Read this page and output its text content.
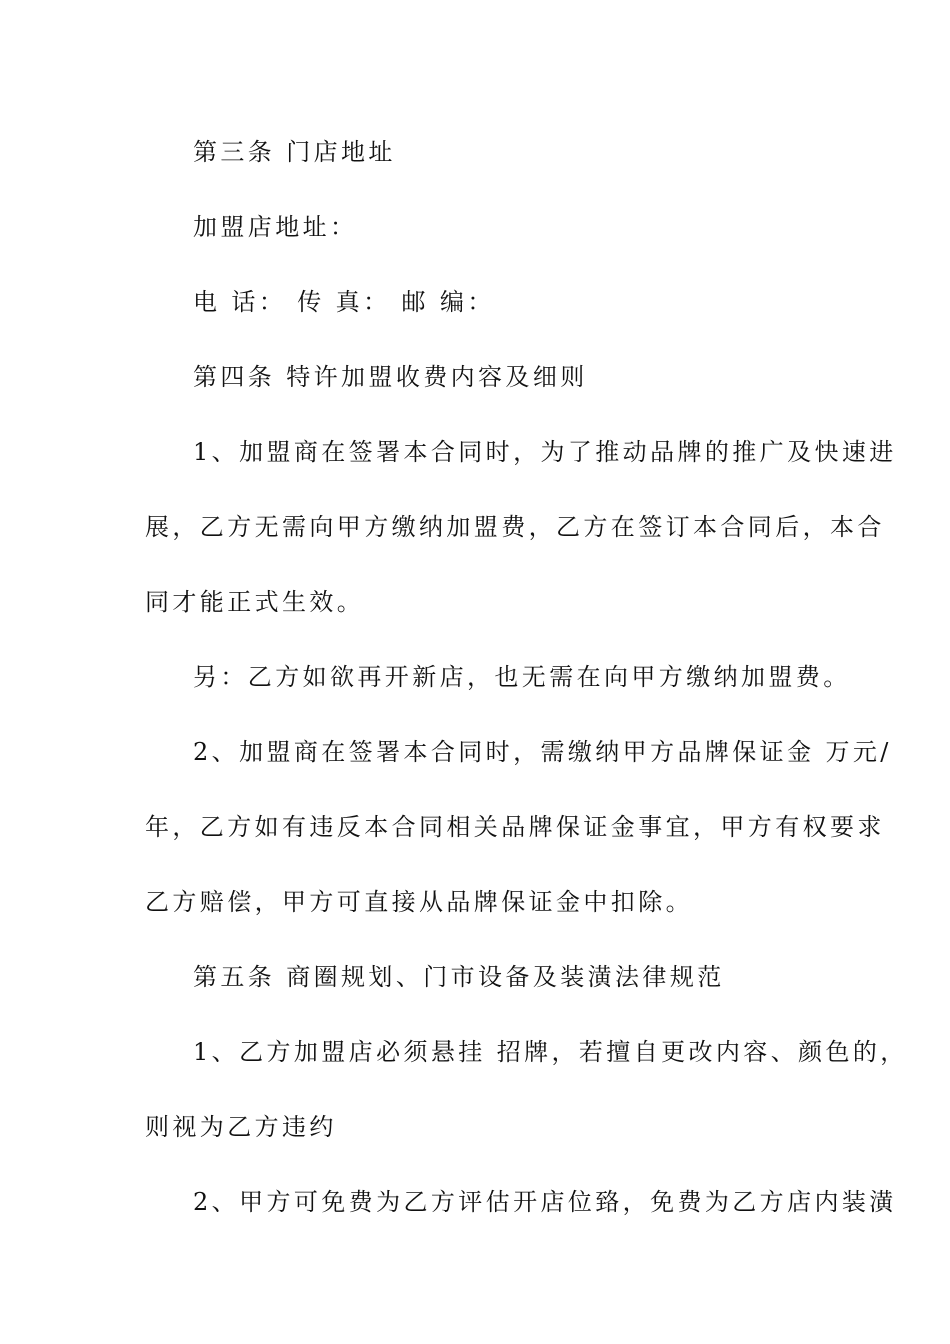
第三条 门店地址
加盟店地址：
电 话： 传 真： 邮 编：
第四条 特许加盟收费内容及细则
1、加盟商在签署本合同时，为了推动品牌的推广及快速进
展，乙方无需向甲方缴纳加盟费，乙方在签订本合同后，本合
同才能正式生效。
另：乙方如欲再开新店，也无需在向甲方缴纳加盟费。
2、加盟商在签署本合同时，需缴纳甲方品牌保证金 万元/
年，乙方如有违反本合同相关品牌保证金事宜，甲方有权要求
乙方赔偿，甲方可直接从品牌保证金中扣除。
第五条 商圈规划、门市设备及装潢法律规范
1、乙方加盟店必须悬挂 招牌，若擅自更改内容、颜色的，
则视为乙方违约
2、甲方可免费为乙方评估开店位臵，免费为乙方店内装潢
